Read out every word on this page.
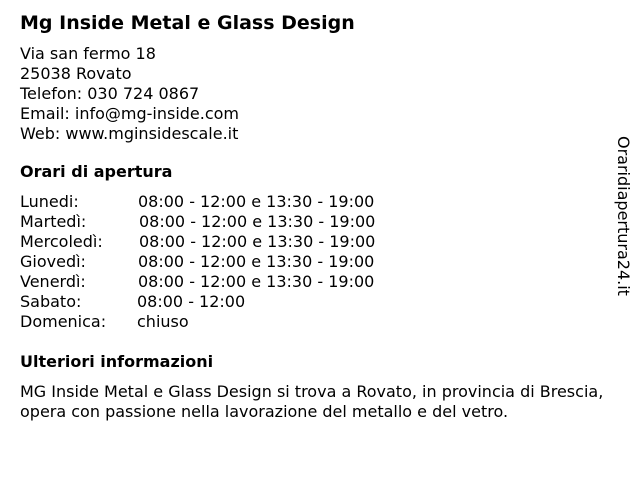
Mg Inside Metal e Glass Design
Via san fermo 18
25038 Rovato
Telefon: 030 724 0867
Email: info@mg-inside.com
Web: www.mginsidescale.it
Orari di apertura
Lunedi:	08:00 - 12:00 e 13:30 - 19:00
Martedì:	08:00 - 12:00 e 13:30 - 19:00
Mercoledì:	08:00 - 12:00 e 13:30 - 19:00
Giovedì:	08:00 - 12:00 e 13:30 - 19:00
Venerdì:	08:00 - 12:00 e 13:30 - 19:00
Sabato:	08:00 - 12:00
Domenica:	chiuso
Ulteriori informazioni
MG Inside Metal e Glass Design si trova a Rovato, in provincia di Brescia, opera con passione nella lavorazione del metallo e del vetro.
Oraridiapertura24.it
